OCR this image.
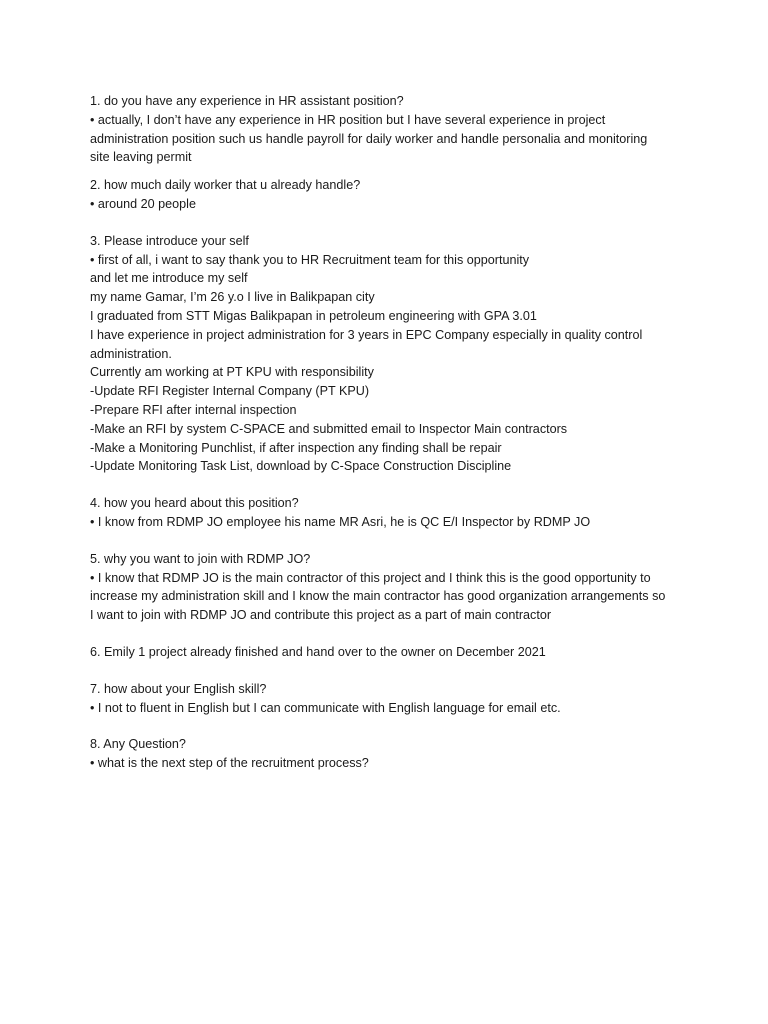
1. do you have any experience in HR assistant position?
• actually, I don’t have any experience in HR position but I have several experience in project
administration position such us handle payroll for daily worker and handle personalia and monitoring
site leaving permit
2. how much daily worker that u already handle?
• around 20 people
3. Please introduce your self
• first of all, i want to say thank you to HR Recruitment team for this opportunity
and let me introduce my self
my name Gamar, I’m 26 y.o I live in Balikpapan city
I graduated from STT Migas Balikpapan in petroleum engineering with GPA 3.01
I have experience in project administration for 3 years in EPC Company especially in quality control
administration.
Currently am working at PT KPU with responsibility
-Update RFI Register Internal Company (PT KPU)
-Prepare RFI after internal inspection
-Make an RFI by system C-SPACE and submitted email to Inspector Main contractors
-Make a Monitoring Punchlist, if after inspection any finding shall be repair
-Update Monitoring Task List, download by C-Space Construction Discipline
4. how you heard about this position?
• I know from RDMP JO employee his name MR Asri, he is QC E/I Inspector by RDMP JO
5. why you want to join with RDMP JO?
• I know that RDMP JO is the main contractor of this project and I think this is the good opportunity to
increase my administration skill and I know the main contractor has good organization arrangements so
I want to join with RDMP JO and contribute this project as a part of main contractor
6. Emily 1 project already finished and hand over to the owner on December 2021
7. how about your English skill?
• I not to fluent in English but I can communicate with English language for email etc.
8. Any Question?
• what is the next step of the recruitment process?
